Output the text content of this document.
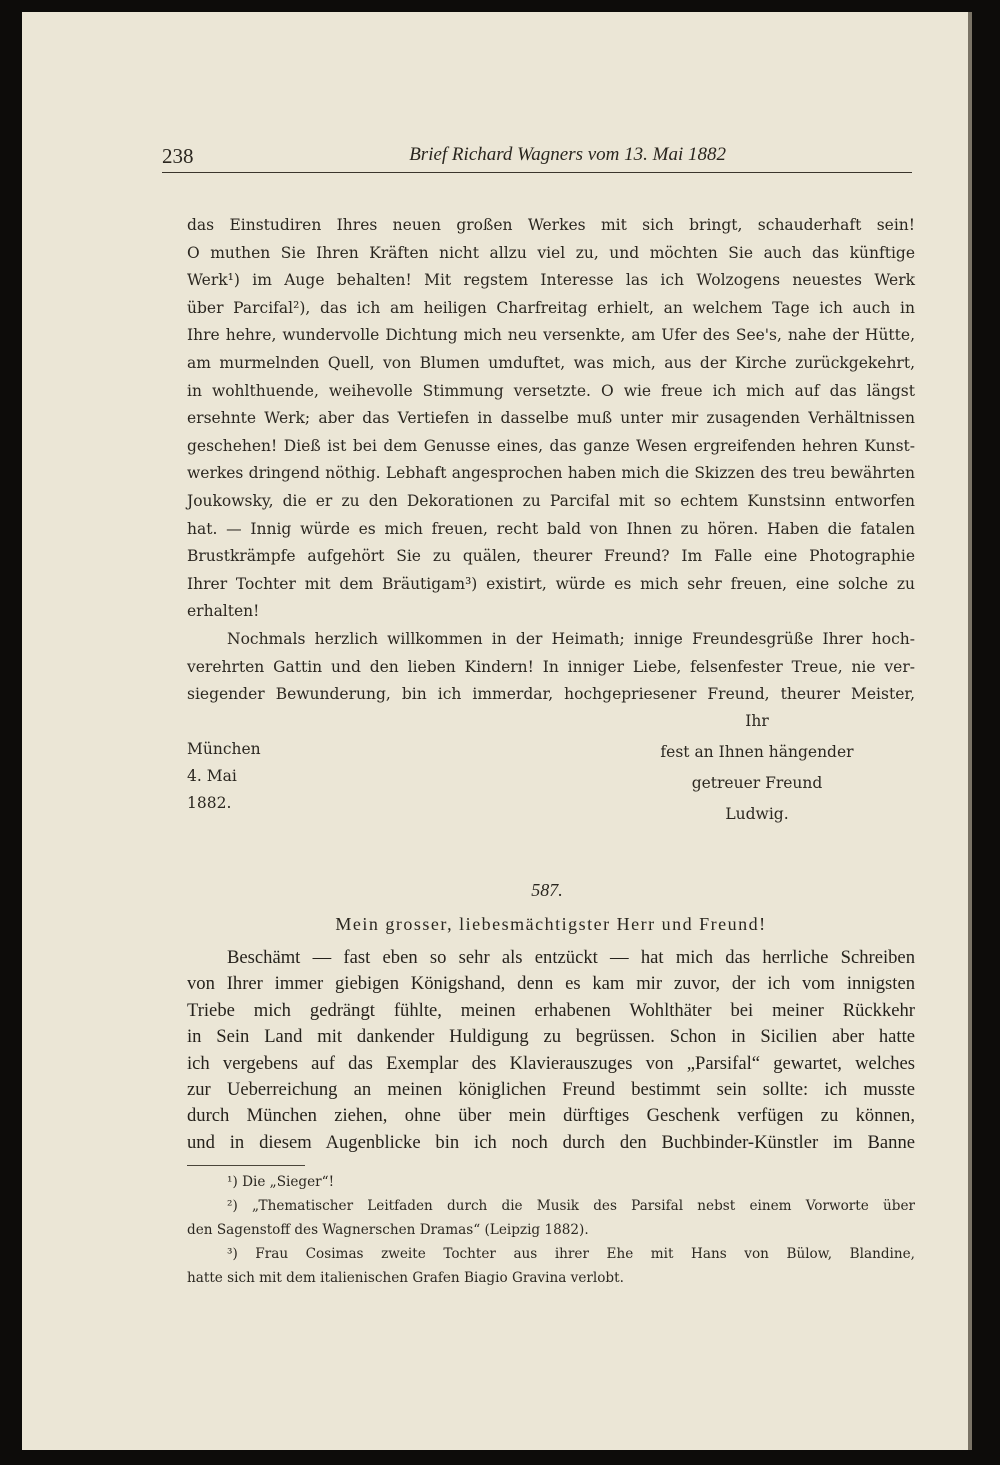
238	Brief Richard Wagners vom 13. Mai 1882
das Einstudiren Ihres neuen großen Werkes mit sich bringt, schauderhaft sein!
O muthen Sie Ihren Kräften nicht allzu viel zu, und möchten Sie auch das künftige
Werk¹) im Auge behalten! Mit regstem Interesse las ich Wolzogens neuestes Werk
über Parcifal²), das ich am heiligen Charfreitag erhielt, an welchem Tage ich auch in
Ihre hehre, wundervolle Dichtung mich neu versenkte, am Ufer des See's, nahe der Hütte,
am murmelnden Quell, von Blumen umduftet, was mich, aus der Kirche zurückgekehrt,
in wohlthuende, weihevolle Stimmung versetzte. O wie freue ich mich auf das längst
ersehnte Werk; aber das Vertiefen in dasselbe muß unter mir zusagenden Verhältnissen
geschehen! Dieß ist bei dem Genusse eines, das ganze Wesen ergreifenden hehren Kunst-
werkes dringend nöthig. Lebhaft angesprochen haben mich die Skizzen des treu bewährten
Joukowsky, die er zu den Dekorationen zu Parcifal mit so echtem Kunstsinn entworfen
hat. — Innig würde es mich freuen, recht bald von Ihnen zu hören. Haben die fatalen
Brustkrämpfe aufgehört Sie zu quälen, theurer Freund? Im Falle eine Photographie
Ihrer Tochter mit dem Bräutigam³) existirt, würde es mich sehr freuen, eine solche zu
erhalten!
Nochmals herzlich willkommen in der Heimath; innige Freundesgrüße Ihrer hoch-
verehrten Gattin und den lieben Kindern! In inniger Liebe, felsenfester Treue, nie ver-
siegender Bewunderung, bin ich immerdar, hochgepriesener Freund, theurer Meister,
München
4. Mai
1882.
Ihr
fest an Ihnen hängender
getreuer Freund
Ludwig.
587.
Mein grosser, liebesmächtigster Herr und Freund!
Beschämt — fast eben so sehr als entzückt — hat mich das herrliche Schreiben
von Ihrer immer giebigen Königshand, denn es kam mir zuvor, der ich vom innigsten
Triebe mich gedrängt fühlte, meinen erhabenen Wohlthäter bei meiner Rückkehr
in Sein Land mit dankender Huldigung zu begrüssen. Schon in Sicilien aber hatte
ich vergebens auf das Exemplar des Klavierauszuges von „Parsifal“ gewartet, welches
zur Ueberreichung an meinen königlichen Freund bestimmt sein sollte: ich musste
durch München ziehen, ohne über mein dürftiges Geschenk verfügen zu können,
und in diesem Augenblicke bin ich noch durch den Buchbinder-Künstler im Banne
¹) Die „Sieger“!
²) „Thematischer Leitfaden durch die Musik des Parsifal nebst einem Vorworte über
den Sagenstoff des Wagnerschen Dramas“ (Leipzig 1882).
³) Frau Cosimas zweite Tochter aus ihrer Ehe mit Hans von Bülow, Blandine,
hatte sich mit dem italienischen Grafen Biagio Gravina verlobt.
